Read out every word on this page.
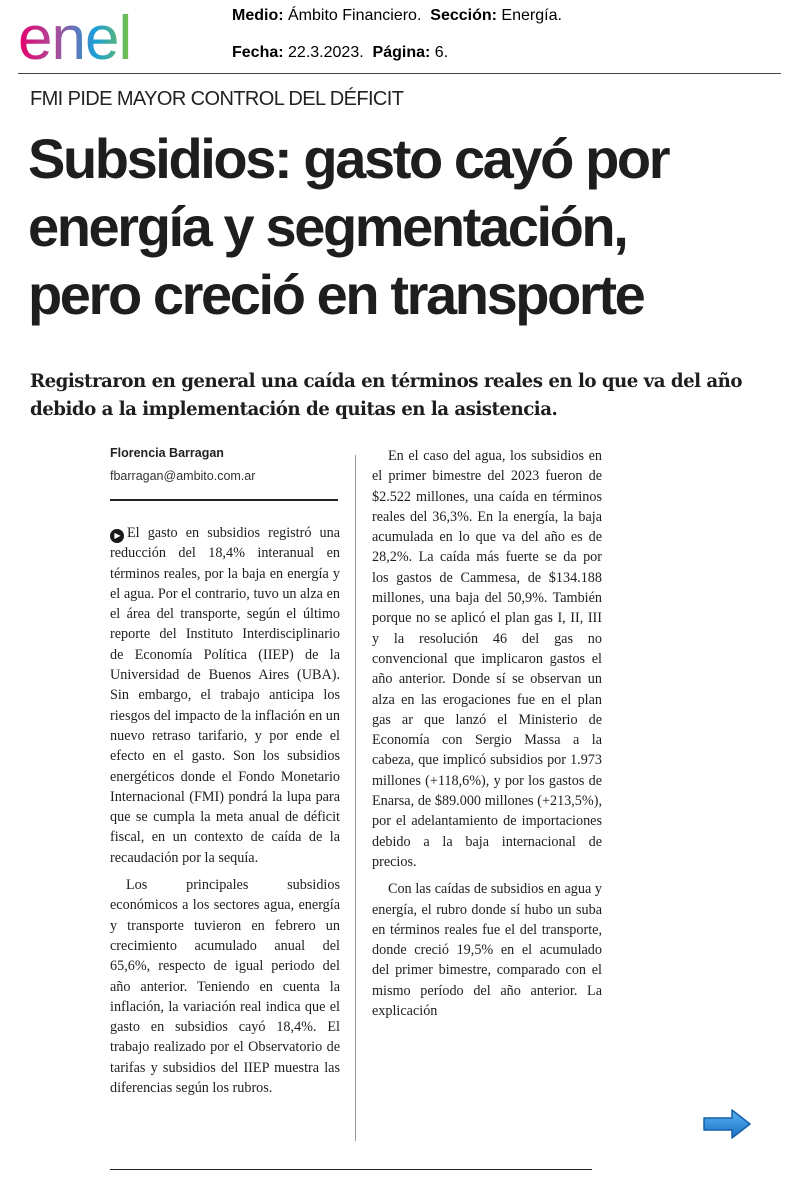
enel	Medio: Ámbito Financiero. Sección: Energía.
Fecha: 22.3.2023. Página: 6.
FMI PIDE MAYOR CONTROL DEL DÉFICIT
Subsidios: gasto cayó por
energía y segmentación,
pero creció en transporte
Registraron en general una caída en términos reales en lo que va del año
debido a la implementación de quitas en la asistencia.
Florencia Barragan
fbarragan@ambito.com.ar

▶ El gasto en subsidios registró una reducción del 18,4% interanual en términos reales, por la baja en energía y el agua. Por el contrario, tuvo un alza en el área del transporte, según el último reporte del Instituto Interdisciplinario de Economía Política (IIEP) de la Universidad de Buenos Aires (UBA). Sin embargo, el trabajo anticipa los riesgos del impacto de la inflación en un nuevo retraso tarifario, y por ende el efecto en el gasto. Son los subsidios energéticos donde el Fondo Monetario Internacional (FMI) pondrá la lupa para que se cumpla la meta anual de déficit fiscal, en un contexto de caída de la recaudación por la sequía.

Los principales subsidios económicos a los sectores agua, energía y transporte tuvieron en febrero un crecimiento acumulado anual del 65,6%, respecto de igual periodo del año anterior. Teniendo en cuenta la inflación, la variación real indica que el gasto en subsidios cayó 18,4%. El trabajo realizado por el Observatorio de tarifas y subsidios del IIEP muestra las diferencias según los rubros.

En el caso del agua, los subsidios en el primer bimestre del 2023 fueron de $2.522 millones, una caída en términos reales del 36,3%. En la energía, la baja acumulada en lo que va del año es de 28,2%. La caída más fuerte se da por los gastos de Cammesa, de $134.188 millones, una baja del 50,9%. También porque no se aplicó el plan gas I, II, III y la resolución 46 del gas no convencional que implicaron gastos el año anterior. Donde sí se observan un alza en las erogaciones fue en el plan gas ar que lanzó el Ministerio de Economía con Sergio Massa a la cabeza, que implicó subsidios por 1.973 millones (+118,6%), y por los gastos de Enarsa, de $89.000 millones (+213,5%), por el adelantamiento de importaciones debido a la baja internacional de precios.

Con las caídas de subsidios en agua y energía, el rubro donde sí hubo un suba en términos reales fue el del transporte, donde creció 19,5% en el acumulado del primer bimestre, comparado con el mismo período del año anterior. La explicación
